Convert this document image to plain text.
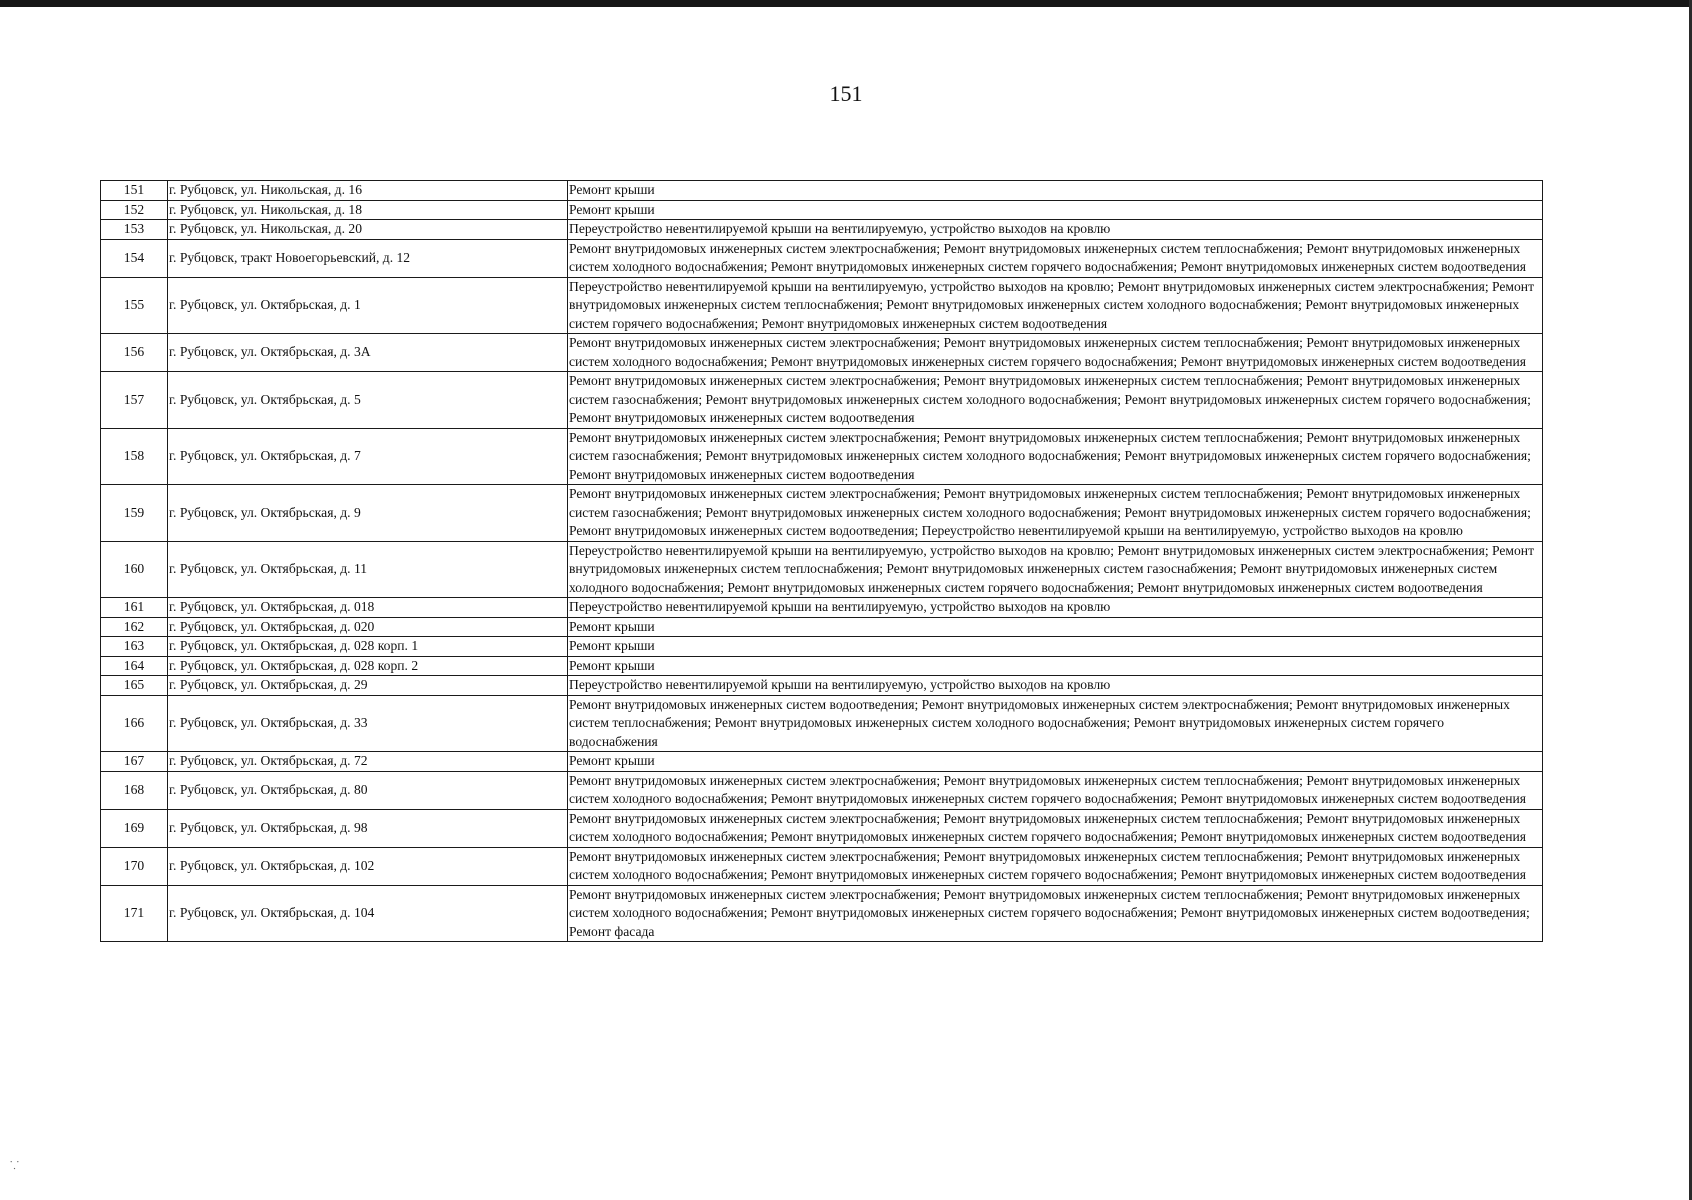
151
151	г. Рубцовск, ул. Никольская, д. 16	Ремонт крыши
152	г. Рубцовск, ул. Никольская, д. 18	Ремонт крыши
153	г. Рубцовск, ул. Никольская, д. 20	Переустройство невентилируемой крыши на вентилируемую, устройство выходов на кровлю
154	г. Рубцовск, тракт Новоегорьевский, д. 12	Ремонт внутридомовых инженерных систем электроснабжения; Ремонт внутридомовых инженерных систем теплоснабжения; Ремонт внутридомовых инженерных систем холодного водоснабжения; Ремонт внутридомовых инженерных систем горячего водоснабжения; Ремонт внутридомовых инженерных систем водоотведения
155	г. Рубцовск, ул. Октябрьская, д. 1	Переустройство невентилируемой крыши на вентилируемую, устройство выходов на кровлю; Ремонт внутридомовых инженерных систем электроснабжения; Ремонт внутридомовых инженерных систем теплоснабжения; Ремонт внутридомовых инженерных систем холодного водоснабжения; Ремонт внутридомовых инженерных систем горячего водоснабжения; Ремонт внутридомовых инженерных систем водоотведения
156	г. Рубцовск, ул. Октябрьская, д. 3А	Ремонт внутридомовых инженерных систем электроснабжения; Ремонт внутридомовых инженерных систем теплоснабжения; Ремонт внутридомовых инженерных систем холодного водоснабжения; Ремонт внутридомовых инженерных систем горячего водоснабжения; Ремонт внутридомовых инженерных систем водоотведения
157	г. Рубцовск, ул. Октябрьская, д. 5	Ремонт внутридомовых инженерных систем электроснабжения; Ремонт внутридомовых инженерных систем теплоснабжения; Ремонт внутридомовых инженерных систем газоснабжения; Ремонт внутридомовых инженерных систем холодного водоснабжения; Ремонт внутридомовых инженерных систем горячего водоснабжения; Ремонт внутридомовых инженерных систем водоотведения
158	г. Рубцовск, ул. Октябрьская, д. 7	Ремонт внутридомовых инженерных систем электроснабжения; Ремонт внутридомовых инженерных систем теплоснабжения; Ремонт внутридомовых инженерных систем газоснабжения; Ремонт внутридомовых инженерных систем холодного водоснабжения; Ремонт внутридомовых инженерных систем горячего водоснабжения; Ремонт внутридомовых инженерных систем водоотведения
159	г. Рубцовск, ул. Октябрьская, д. 9	Ремонт внутридомовых инженерных систем электроснабжения; Ремонт внутридомовых инженерных систем теплоснабжения; Ремонт внутридомовых инженерных систем газоснабжения; Ремонт внутридомовых инженерных систем холодного водоснабжения; Ремонт внутридомовых инженерных систем горячего водоснабжения; Ремонт внутридомовых инженерных систем водоотведения; Переустройство невентилируемой крыши на вентилируемую, устройство выходов на кровлю
160	г. Рубцовск, ул. Октябрьская, д. 11	Переустройство невентилируемой крыши на вентилируемую, устройство выходов на кровлю; Ремонт внутридомовых инженерных систем электроснабжения; Ремонт внутридомовых инженерных систем теплоснабжения; Ремонт внутридомовых инженерных систем газоснабжения; Ремонт внутридомовых инженерных систем холодного водоснабжения; Ремонт внутридомовых инженерных систем горячего водоснабжения; Ремонт внутридомовых инженерных систем водоотведения
161	г. Рубцовск, ул. Октябрьская, д. 018	Переустройство невентилируемой крыши на вентилируемую, устройство выходов на кровлю
162	г. Рубцовск, ул. Октябрьская, д. 020	Ремонт крыши
163	г. Рубцовск, ул. Октябрьская, д. 028 корп. 1	Ремонт крыши
164	г. Рубцовск, ул. Октябрьская, д. 028 корп. 2	Ремонт крыши
165	г. Рубцовск, ул. Октябрьская, д. 29	Переустройство невентилируемой крыши на вентилируемую, устройство выходов на кровлю
166	г. Рубцовск, ул. Октябрьская, д. 33	Ремонт внутридомовых инженерных систем водоотведения; Ремонт внутридомовых инженерных систем электроснабжения; Ремонт внутридомовых инженерных систем теплоснабжения; Ремонт внутридомовых инженерных систем холодного водоснабжения; Ремонт внутридомовых инженерных систем горячего водоснабжения
167	г. Рубцовск, ул. Октябрьская, д. 72	Ремонт крыши
168	г. Рубцовск, ул. Октябрьская, д. 80	Ремонт внутридомовых инженерных систем электроснабжения; Ремонт внутридомовых инженерных систем теплоснабжения; Ремонт внутридомовых инженерных систем холодного водоснабжения; Ремонт внутридомовых инженерных систем горячего водоснабжения; Ремонт внутридомовых инженерных систем водоотведения
169	г. Рубцовск, ул. Октябрьская, д. 98	Ремонт внутридомовых инженерных систем электроснабжения; Ремонт внутридомовых инженерных систем теплоснабжения; Ремонт внутридомовых инженерных систем холодного водоснабжения; Ремонт внутридомовых инженерных систем горячего водоснабжения; Ремонт внутридомовых инженерных систем водоотведения
170	г. Рубцовск, ул. Октябрьская, д. 102	Ремонт внутридомовых инженерных систем электроснабжения; Ремонт внутридомовых инженерных систем теплоснабжения; Ремонт внутридомовых инженерных систем холодного водоснабжения; Ремонт внутридомовых инженерных систем горячего водоснабжения; Ремонт внутридомовых инженерных систем водоотведения
171	г. Рубцовск, ул. Октябрьская, д. 104	Ремонт внутридомовых инженерных систем электроснабжения; Ремонт внутридомовых инженерных систем теплоснабжения; Ремонт внутридомовых инженерных систем холодного водоснабжения; Ремонт внутридомовых инженерных систем горячего водоснабжения; Ремонт внутридомовых инженерных систем водоотведения; Ремонт фасада
⸪
